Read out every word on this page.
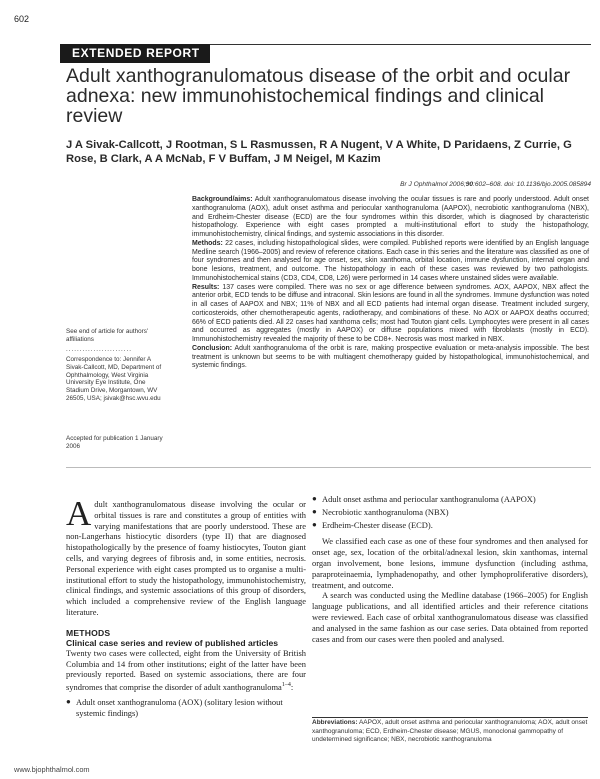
602
EXTENDED REPORT
Adult xanthogranulomatous disease of the orbit and ocular adnexa: new immunohistochemical findings and clinical review
J A Sivak-Callcott, J Rootman, S L Rasmussen, R A Nugent, V A White, D Paridaens, Z Currie, G Rose, B Clark, A A McNab, F V Buffam, J M Neigel, M Kazim
Br J Ophthalmol 2006;90:602–608. doi: 10.1136/bjo.2005.085894

Background/aims: Adult xanthogranulomatous disease involving the ocular tissues is rare and poorly understood. Adult onset xanthogranuloma (AOX), adult onset asthma and periocular xanthogranuloma (AAPOX), necrobiotic xanthogranuloma (NBX), and Erdheim-Chester disease (ECD) are the four syndromes within this disorder, which is diagnosed by characteristic histopathology. Experience with eight cases prompted a multi-institutional effort to study the histopathology, immunohistochemistry, clinical findings, and systemic associations in this disorder.

Methods: 22 cases, including histopathological slides, were compiled. Published reports were identified by an English language Medline search (1966–2005) and review of reference citations. Each case in this series and the literature was classified as one of four syndromes and then analysed for age onset, sex, skin xanthoma, orbital location, immune dysfunction, internal organ and bone lesions, treatment, and outcome. The histopathology in each of these cases was reviewed by two pathologists. Immunohistochemical stains (CD3, CD4, CD8, L26) were performed in 14 cases where unstained slides were available.

Results: 137 cases were compiled. There was no sex or age difference between syndromes. AOX, AAPOX, NBX affect the anterior orbit, ECD tends to be diffuse and intraconal. Skin lesions are found in all the syndromes. Immune dysfunction was noted in all cases of AAPOX and NBX; 11% of NBX and all ECD patients had internal organ disease. Treatment included surgery, corticosteroids, other chemotherapeutic agents, radiotherapy, and combinations of these. No AOX or AAPOX deaths occurred; 66% of ECD patients died. All 22 cases had xanthoma cells; most had Touton giant cells. Lymphocytes were present in all cases and occurred as aggregates (mostly in AAPOX) or diffuse populations mixed with fibroblasts (mostly in ECD). Immunohistochemistry revealed the majority of these to be CD8+. Necrosis was most marked in NBX.

Conclusion: Adult xanthogranuloma of the orbit is rare, making prospective evaluation or meta-analysis impossible. The best treatment is unknown but seems to be with multiagent chemotherapy guided by histopathological, immunohistochemical, and systemic findings.

See end of article for authors' affiliations
........................
Correspondence to: Jennifer A Sivak-Callcott, MD, Department of Ophthalmology, West Virginia University Eye Institute, One Stadium Drive, Morgantown, WV 26505, USA; jsivak@hsc.wvu.edu
Accepted for publication 1 January 2006

Adult xanthogranulomatous disease involving the ocular or orbital tissues is rare and constitutes a group of entities with varying manifestations that are poorly understood. These are non-Langerhans histiocytic disorders (type II) that are diagnosed histopathologically by the presence of foamy histiocytes, Touton giant cells, and varying degrees of fibrosis and, in some entities, necrosis. Personal experience with eight cases prompted us to organise a multi-institutional effort to study the histopathology, immunohistochemistry, clinical findings, and systemic associations of this group of disorders, which included a comprehensive review of the English language literature.

METHODS
Clinical case series and review of published articles

Twenty two cases were collected, eight from the University of British Columbia and 14 from other institutions; eight of the latter have been previously reported. Based on systemic associations, there are four syndromes that comprise the disorder of adult xanthogranuloma$^{1-4}$:

● Adult onset xanthogranuloma (AOX) (solitary lesion without systemic findings)
● Adult onset asthma and periocular xanthogranuloma (AAPOX)
● Necrobiotic xanthogranuloma (NBX)
● Erdheim-Chester disease (ECD).

We classified each case as one of these four syndromes and then analysed for onset age, sex, location of the orbital/adnexal lesion, skin xanthomas, internal organ involvement, bone lesions, immune dysfunction (including asthma, paraproteinaemia, lymphadenopathy, and other lymphoproliferative disorders), treatment, and outcome.

A search was conducted using the Medline database (1966–2005) for English language publications, and all identified articles and their reference citations were reviewed. Each case of orbital xanthogranulomatous disease was classified and analysed in the same fashion as our case series. Data obtained from reported cases and from our cases were then pooled and analysed.

Abbreviations: AAPOX, adult onset asthma and periocular xanthogranuloma; AOX, adult onset xanthogranuloma; ECD, Erdheim-Chester disease; MGUS, monoclonal gammopathy of undetermined significance; NBX, necrobiotic xanthogranuloma
www.bjophthalmol.com
